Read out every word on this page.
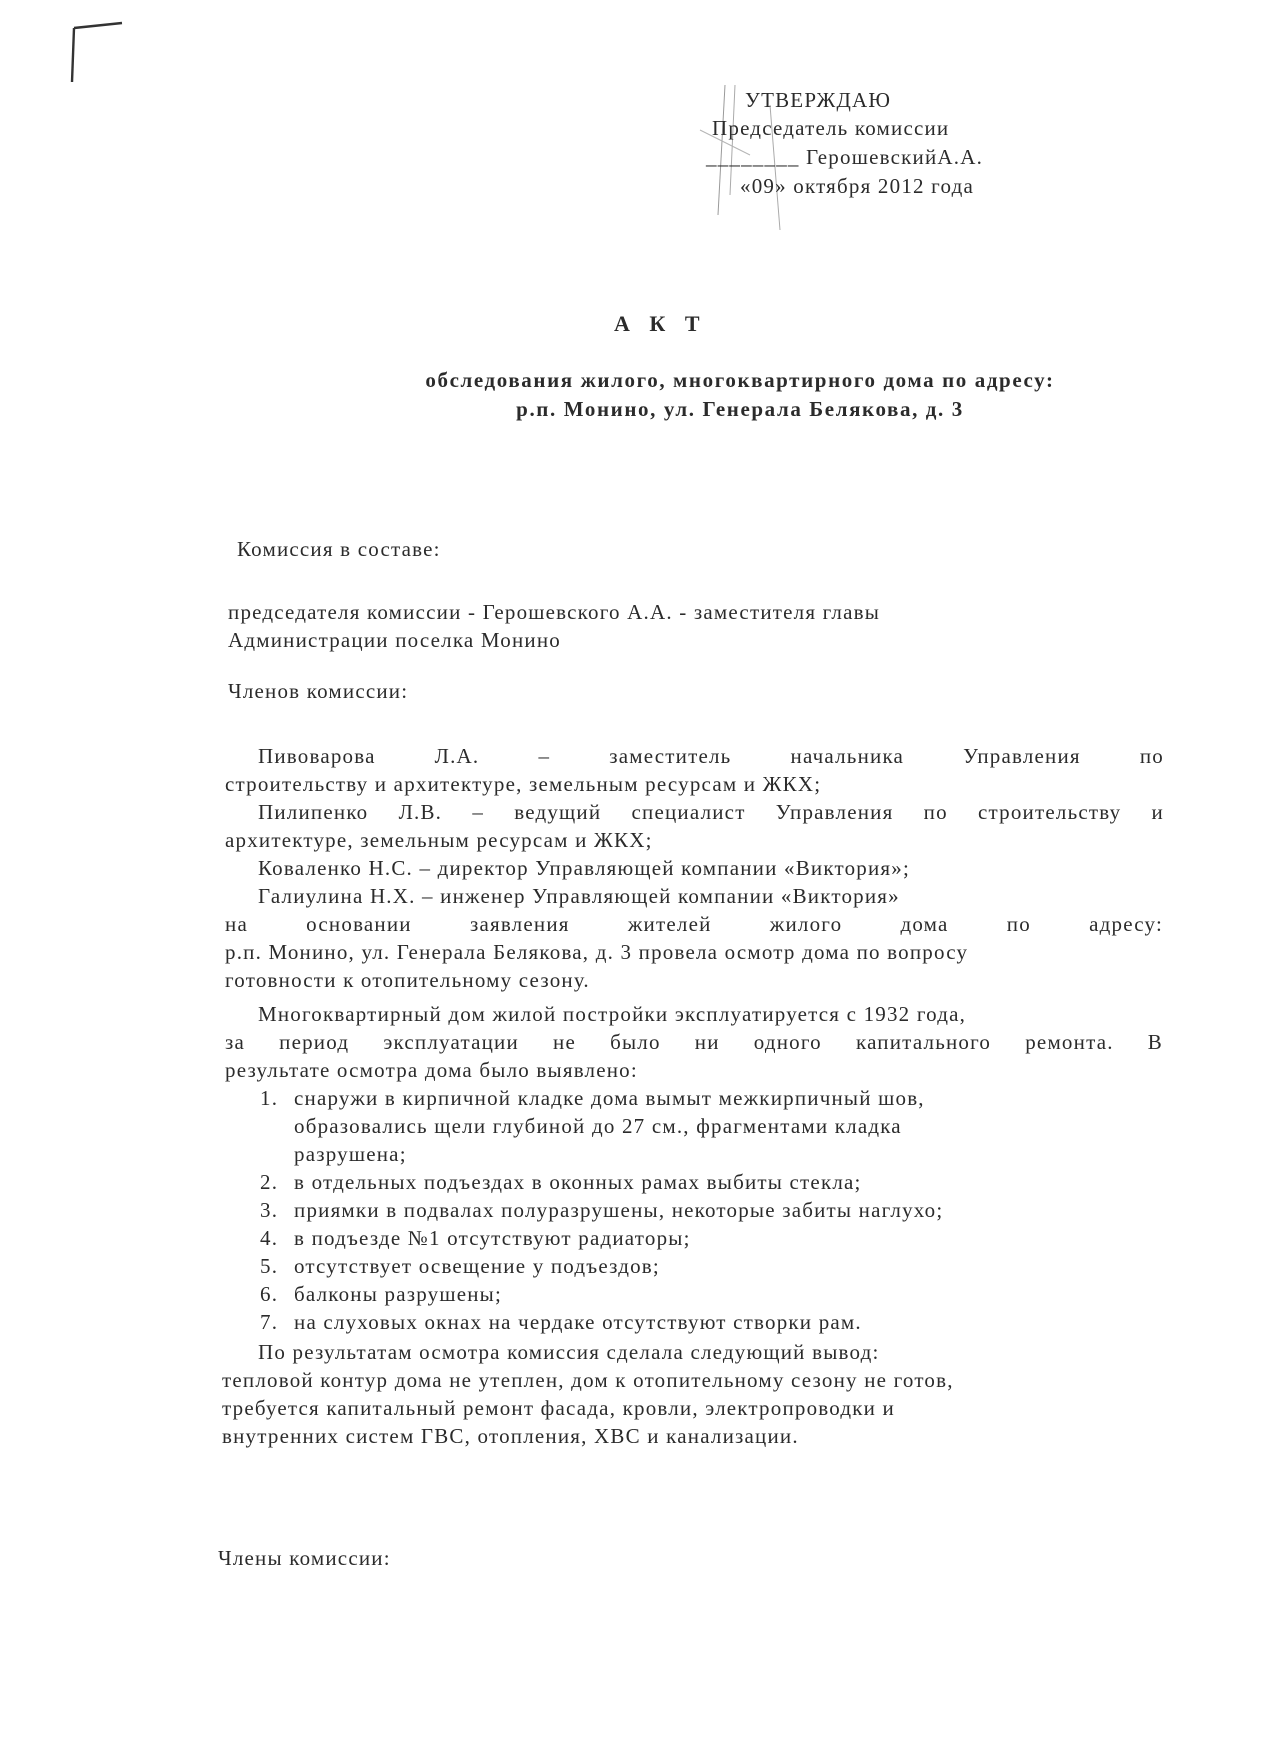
УТВЕРЖДАЮ
Председатель комиссии
________ ГерошевскийА.А.
«09» октября 2012 года
А К Т
обследования жилого, многоквартирного дома по адресу:
р.п. Монино, ул. Генерала Белякова, д. 3
Комиссия в составе:
председателя комиссии - Герошевского А.А. - заместителя главы
Администрации поселка Монино
Членов комиссии:
Пивоварова Л.А. – заместитель начальника Управления по
строительству и архитектуре, земельным ресурсам и ЖКХ;
Пилипенко Л.В. – ведущий специалист Управления по строительству и
архитектуре, земельным ресурсам и ЖКХ;
Коваленко Н.С. – директор Управляющей компании «Виктория»;
Галиулина Н.Х. – инженер Управляющей компании «Виктория»
на основании заявления жителей жилого дома по адресу:
р.п. Монино, ул. Генерала Белякова, д. 3 провела осмотр дома по вопросу
готовности к отопительному сезону.
Многоквартирный дом жилой постройки эксплуатируется с 1932 года,
за период эксплуатации не было ни одного капитального ремонта. В
результате осмотра дома было выявлено:
1. снаружи в кирпичной кладке дома вымыт межкирпичный шов,
образовались щели глубиной до 27 см., фрагментами кладка
разрушена;
2. в отдельных подъездах в оконных рамах выбиты стекла;
3. приямки в подвалах полуразрушены, некоторые забиты наглухо;
4. в подъезде №1 отсутствуют радиаторы;
5. отсутствует освещение у подъездов;
6. балконы разрушены;
7. на слуховых окнах на чердаке отсутствуют створки рам.
По результатам осмотра комиссия сделала следующий вывод:
тепловой контур дома не утеплен, дом к отопительному сезону не готов,
требуется капитальный ремонт фасада, кровли, электропроводки и
внутренних систем ГВС, отопления, ХВС и канализации.
Члены комиссии:
